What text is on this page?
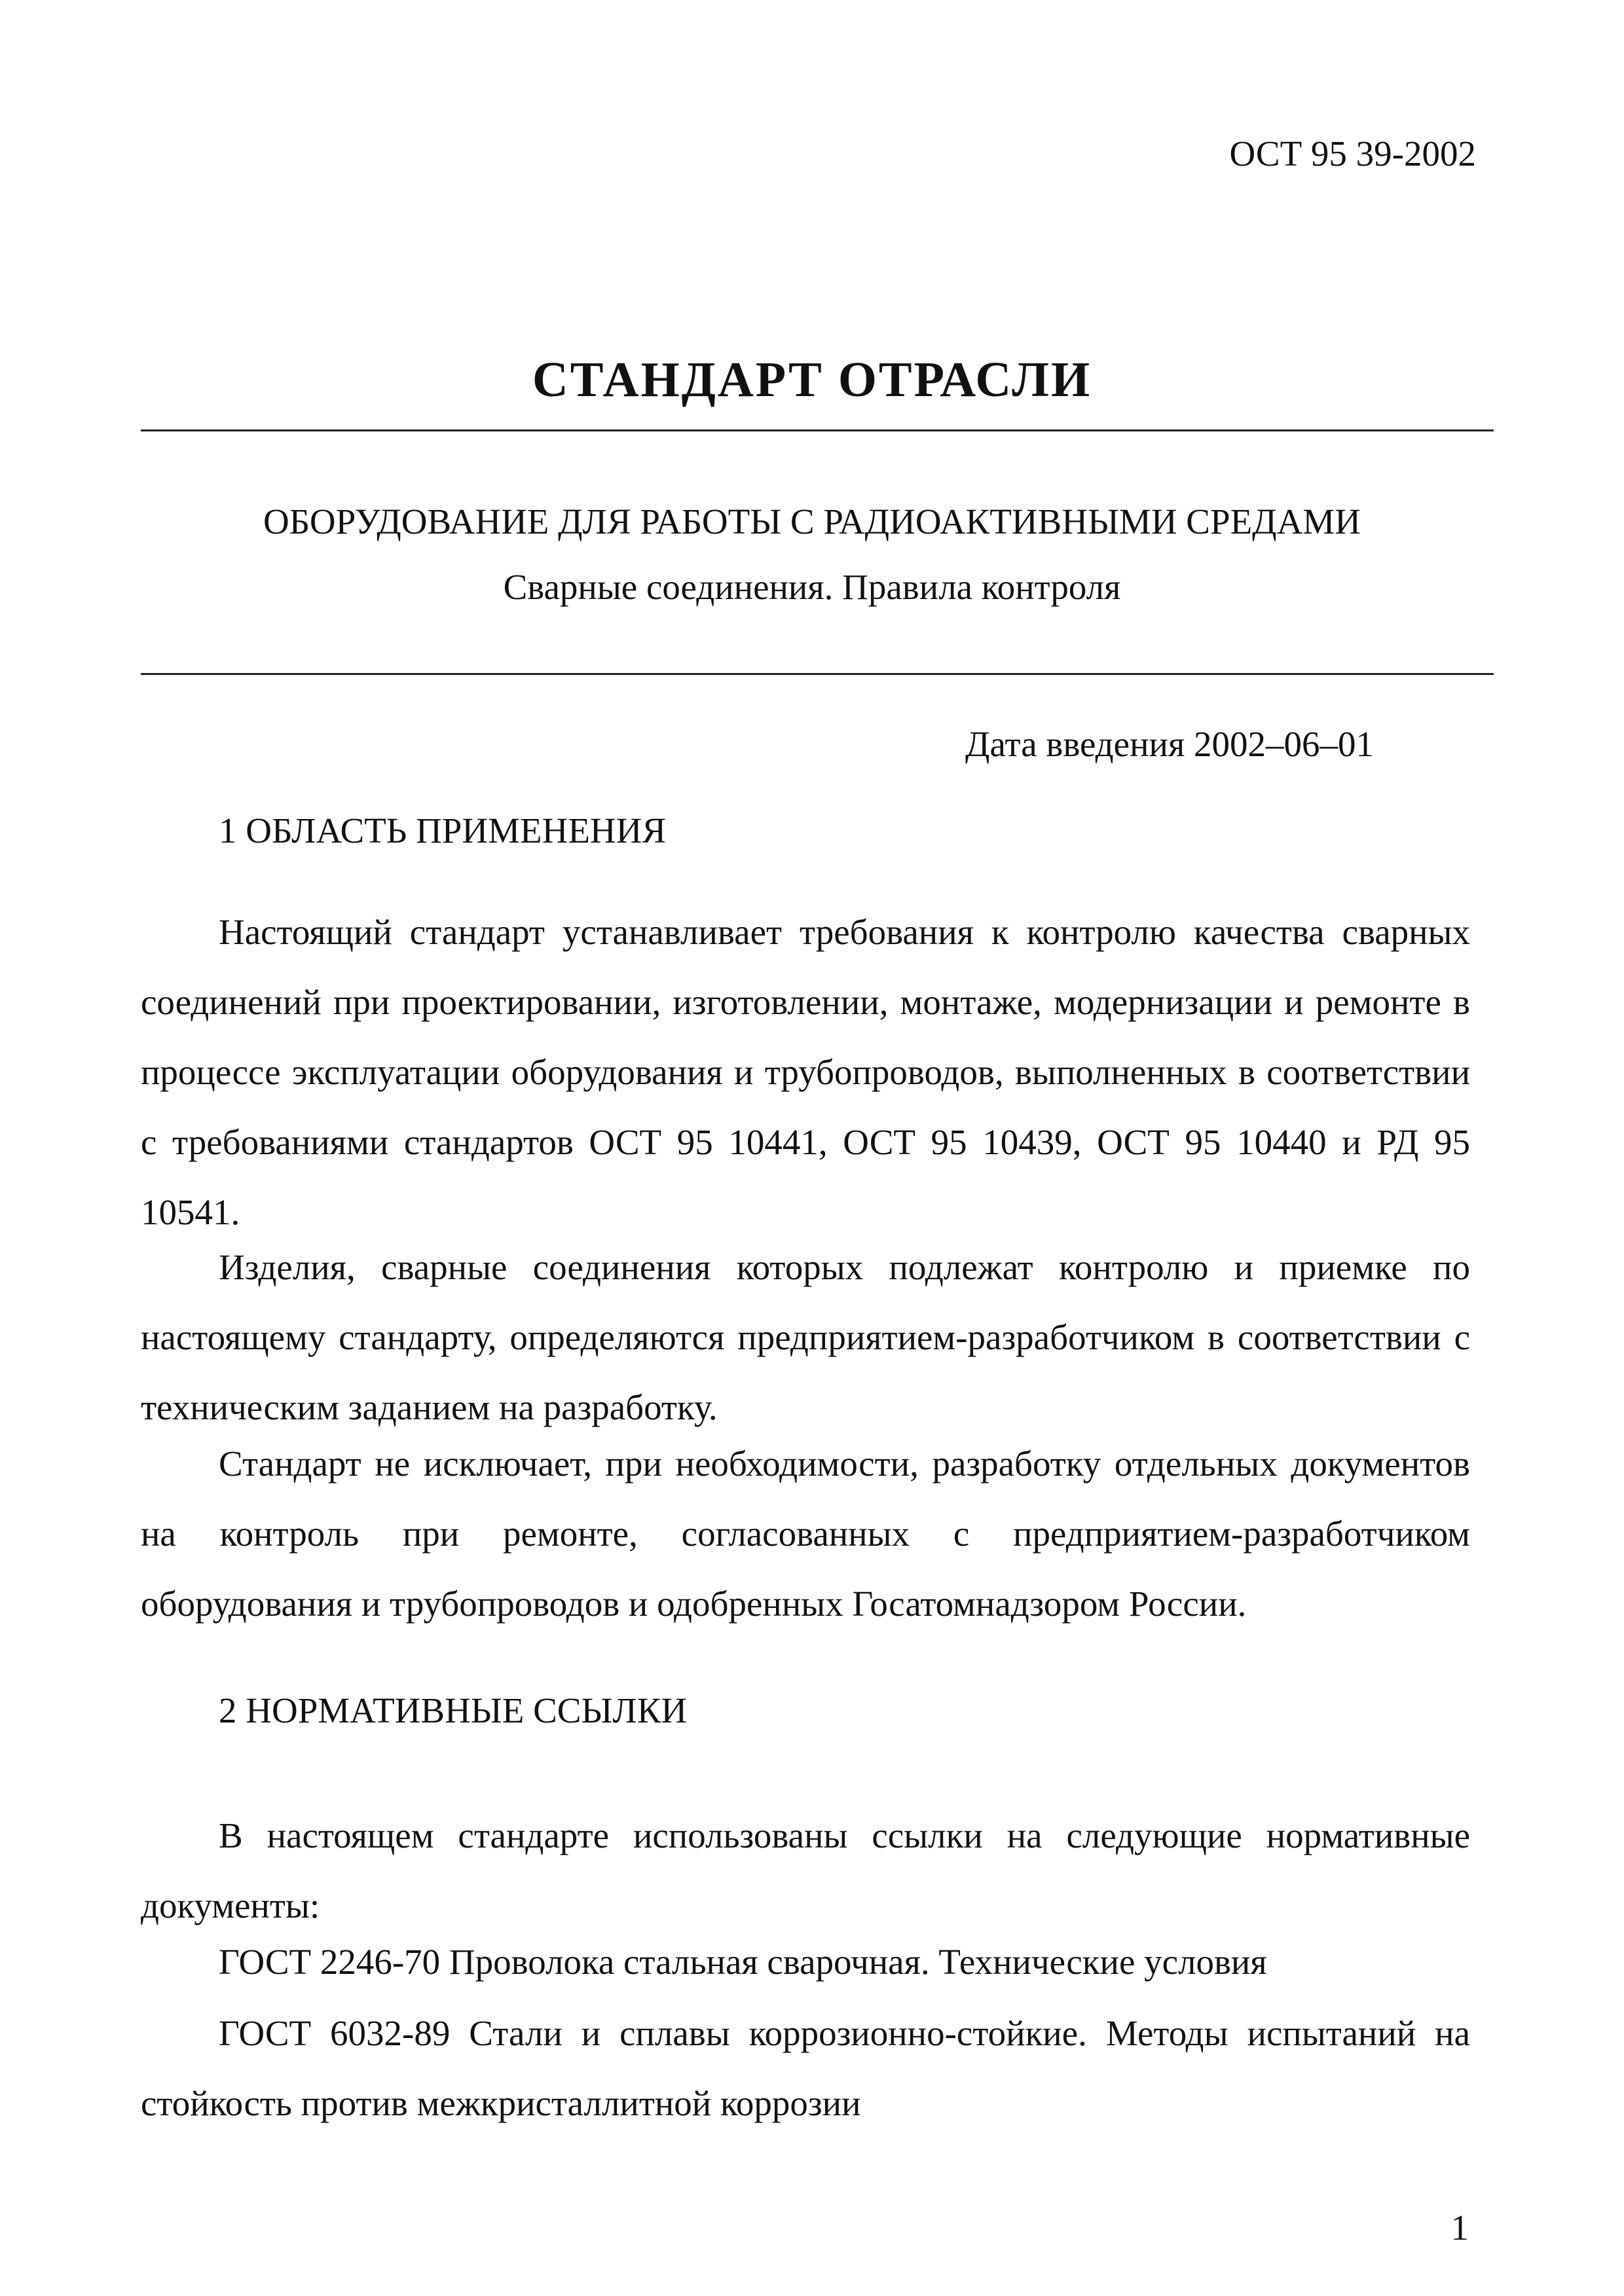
ОСТ 95 39-2002
СТАНДАРТ ОТРАСЛИ
ОБОРУДОВАНИЕ ДЛЯ РАБОТЫ С РАДИОАКТИВНЫМИ СРЕДАМИ
Сварные соединения. Правила контроля
Дата введения 2002–06–01
1 ОБЛАСТЬ ПРИМЕНЕНИЯ

Настоящий стандарт устанавливает требования к контролю качества сварных соединений при проектировании, изготовлении, монтаже, модернизации и ремонте в процессе эксплуатации оборудования и трубопроводов, выполненных в соответствии с требованиями стандартов ОСТ 95 10441, ОСТ 95 10439, ОСТ 95 10440 и РД 95 10541.

Изделия, сварные соединения которых подлежат контролю и приемке по настоящему стандарту, определяются предприятием-разработчиком в соответствии с техническим заданием на разработку.

Стандарт не исключает, при необходимости, разработку отдельных документов на контроль при ремонте, согласованных с предприятием-разработчиком оборудования и трубопроводов и одобренных Госатомнадзором России.

2 НОРМАТИВНЫЕ ССЫЛКИ

В настоящем стандарте использованы ссылки на следующие нормативные документы:

ГОСТ 2246-70 Проволока стальная сварочная. Технические условия

ГОСТ 6032-89 Стали и сплавы коррозионно-стойкие. Методы испытаний на стойкость против межкристаллитной коррозии

1
